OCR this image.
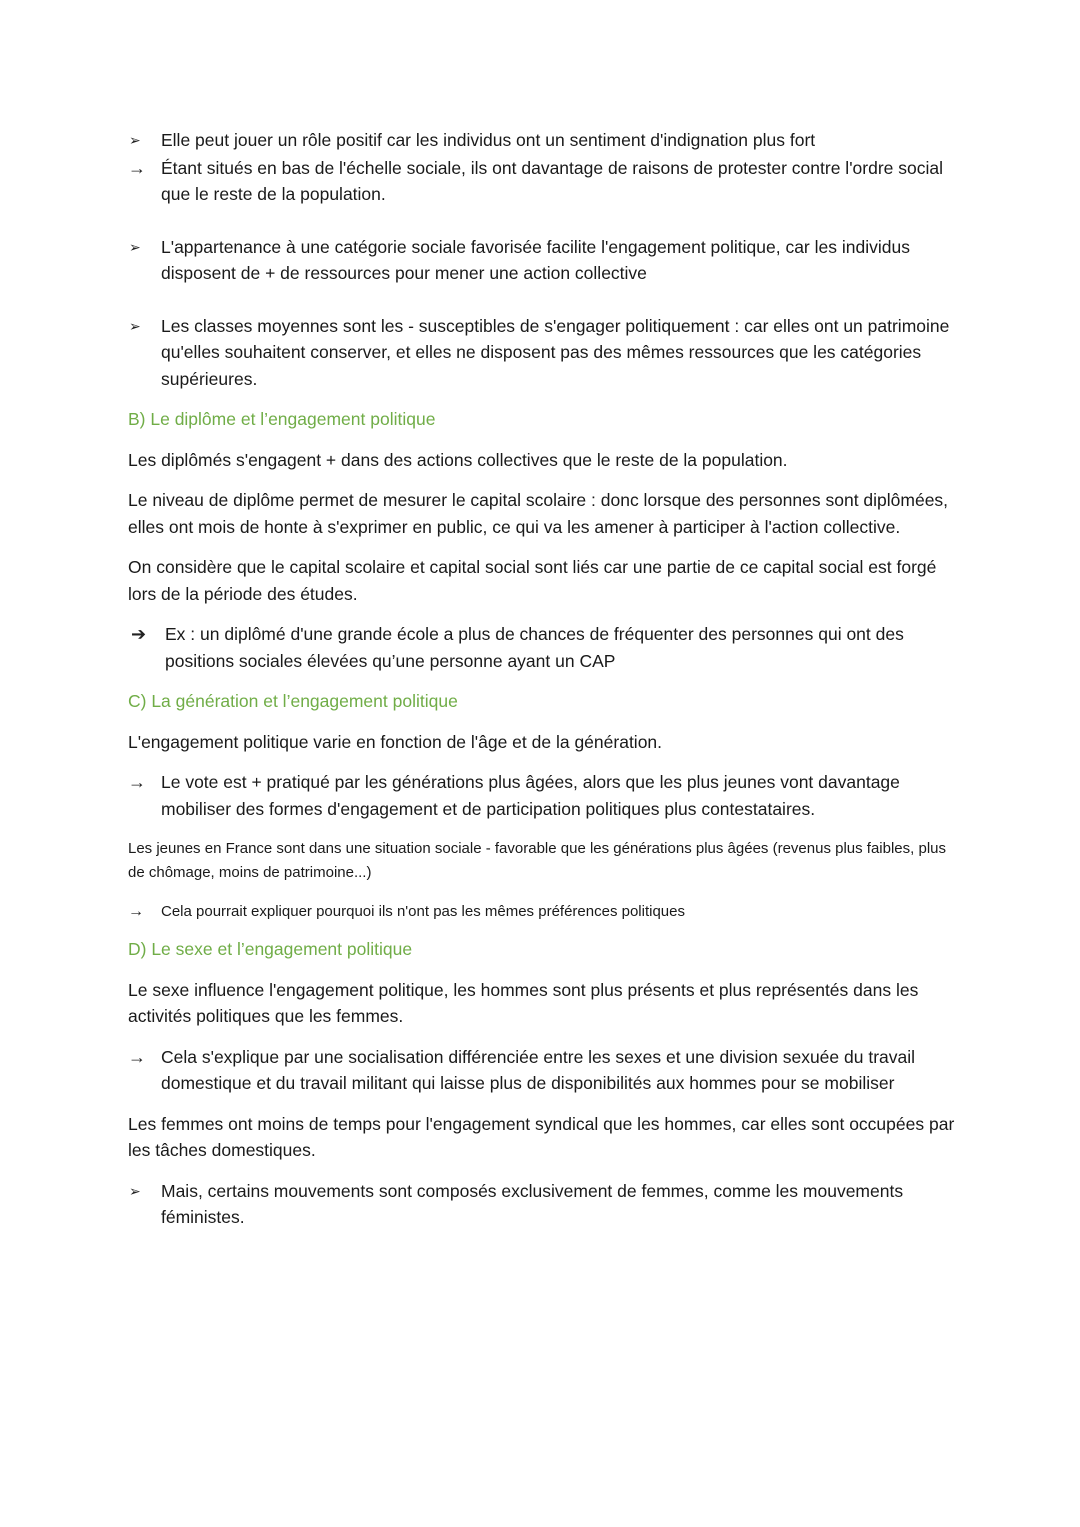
➢	Elle peut jouer un rôle positif car les individus ont un sentiment d'indignation plus fort
→ Étant situés en bas de l'échelle sociale, ils ont davantage de raisons de protester contre l'ordre social que le reste de la population.
➢	L'appartenance à une catégorie sociale favorisée facilite l'engagement politique, car les individus disposent de + de ressources pour mener une action collective
➢	Les classes moyennes sont les - susceptibles de s'engager politiquement : car elles ont un patrimoine qu'elles souhaitent conserver, et elles ne disposent pas des mêmes ressources que les catégories supérieures.
B) Le diplôme et l’engagement politique
Les diplômés s'engagent + dans des actions collectives que le reste de la population.
Le niveau de diplôme permet de mesurer le capital scolaire : donc lorsque des personnes sont diplômées, elles ont mois de honte à s'exprimer en public, ce qui va les amener à participer à l'action collective.
On considère que le capital scolaire et capital social sont liés car une partie de ce capital social est forgé lors de la période des études.
➔	Ex : un diplômé d'une grande école a plus de chances de fréquenter des personnes qui ont des positions sociales élevées qu’une personne ayant un CAP
C) La génération et l’engagement politique
L'engagement politique varie en fonction de l'âge et de la génération.
→ Le vote est + pratiqué par les générations plus âgées, alors que les plus jeunes vont davantage mobiliser des formes d'engagement et de participation politiques plus contestataires.
Les jeunes en France sont dans une situation sociale - favorable que les générations plus âgées (revenus plus faibles, plus de chômage, moins de patrimoine...)
→	Cela pourrait expliquer pourquoi ils n'ont pas les mêmes préférences politiques
D) Le sexe et l’engagement politique
Le sexe influence l'engagement politique, les hommes sont plus présents et plus représentés dans les activités politiques que les femmes.
→ Cela s'explique par une socialisation différenciée entre les sexes et une division sexuée du travail domestique et du travail militant qui laisse plus de disponibilités aux hommes pour se mobiliser
Les femmes ont moins de temps pour l'engagement syndical que les hommes, car elles sont occupées par les tâches domestiques.
➢	Mais, certains mouvements sont composés exclusivement de femmes, comme les mouvements féministes.
